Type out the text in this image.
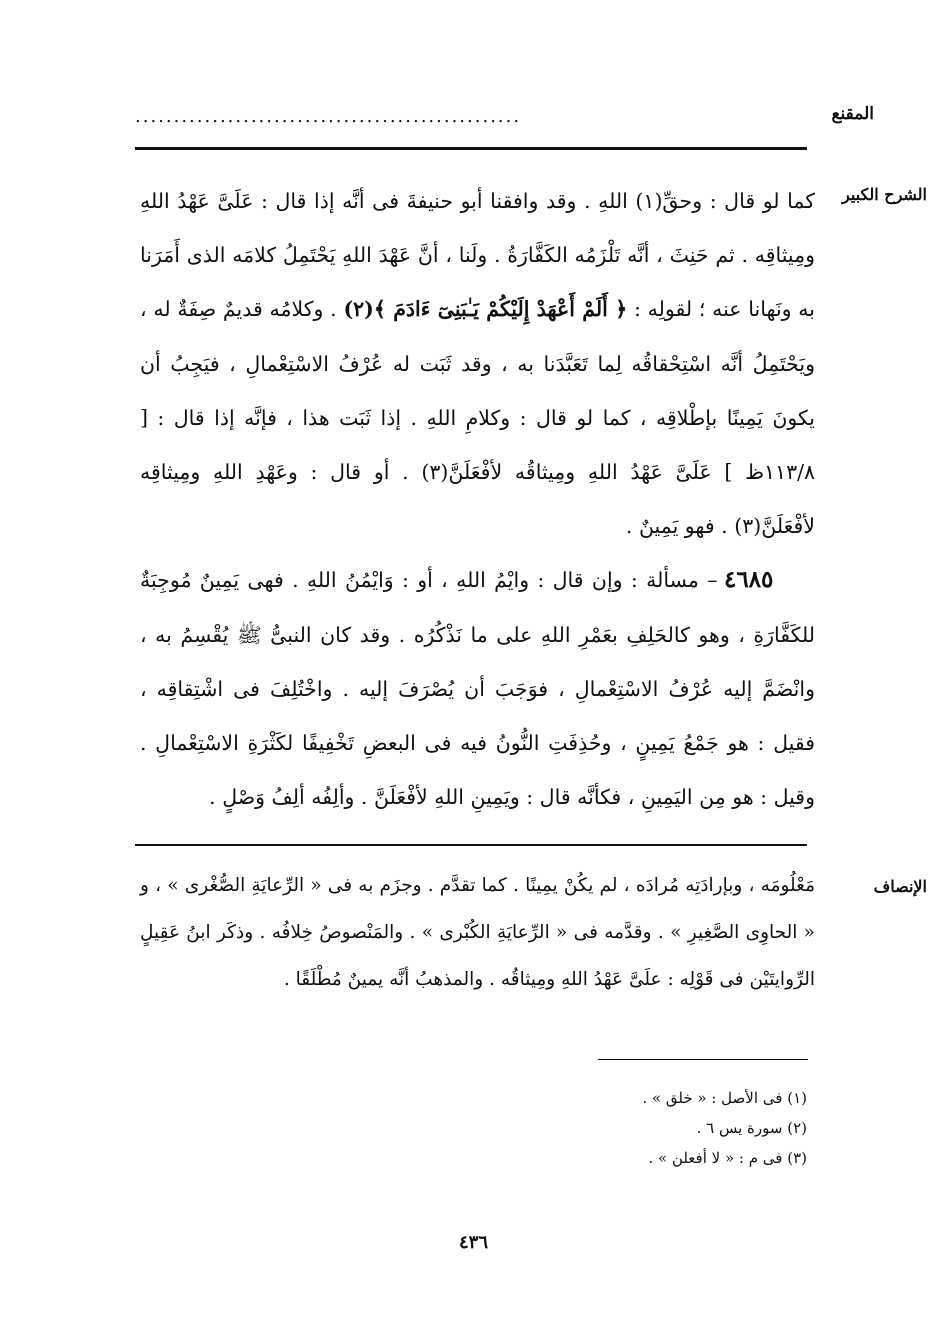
المقنع
..................................................
الشرح الكبير
الإنصاف

كما لو قال : وحقِّ(١) اللهِ . وقد وافقنا أبو حنيفةَ فى أنَّه إذا قال : عَلَىَّ عَهْدُ اللهِ ومِيثاقِه . ثم حَنِثَ ، أنَّه تَلْزَمُه الكَفَّارَةُ . ولَنا ، أنَّ عَهْدَ اللهِ يَحْتَمِلُ كلامَه الذى أَمَرَنا به ونَهانا عنه ؛ لقولِه : ﴿ أَلَمْ أَعْهَدْ إِلَيْكُمْ يَـٰبَنِىٓ ءَادَمَ ﴾(٢) . وكلامُه قديمٌ صِفَةٌ له ، ويَحْتَمِلُ أنَّه اسْتِحْقاقُه لِما تَعَبَّدَنا به ، وقد ثَبَت له عُرْفُ الاسْتِعْمالِ ، فيَجِبُ أن يكونَ يَمِينًا بإطْلاقِه ، كما لو قال : وكلامِ اللهِ . إذا ثَبَت هذا ، فإنَّه إذا قال : [ ١١٣/٨ظ ] عَلَىَّ عَهْدُ اللهِ ومِيثاقُه لأفْعَلَنَّ(٣) . أو قال : وعَهْدِ اللهِ ومِيثاقِه لأفْعَلَنَّ(٣) . فهو يَمِينٌ .

٤٦٨٥ – مسألة : وإن قال : وايْمُ اللهِ ، أو : وَايْمُنُ اللهِ . فهى يَمِينٌ مُوجِبَةٌ للكَفَّارَةِ ، وهو كالحَلِفِ بعَمْرِ اللهِ على ما نَذْكُرُه . وقد كان النبىُّ ﷺ يُقْسِمُ به ، وانْضَمَّ إليه عُرْفُ الاسْتِعْمالِ ، فوَجَبَ أن يُصْرَفَ إليه . واخْتُلِفَ فى اشْتِقاقِه ، فقيل : هو جَمْعُ يَمِينٍ ، وحُذِفَتِ النُّونُ فيه فى البعضِ تَخْفِيفًا لكَثْرَةِ الاسْتِعْمالِ . وقيل : هو مِن اليَمِينِ ، فكأنَّه قال : ويَمِينِ اللهِ لأفْعَلَنَّ . وألِفُه ألِفُ وَصْلٍ .

مَعْلُومَه ، وبإرادَتِه مُرادَه ، لم يكُنْ يمِينًا . كما تقدَّم . وجزَم به فى « الرِّعايَةِ الصُّغْرى » ، و « الحاوِى الصَّغِيرِ » . وقدَّمه فى « الرِّعايَةِ الكُبْرى » . والمَنْصوصُ خِلافُه . وذكَر ابنُ عَقِيلٍ الرِّوايتَيْن فى قَوْلِه : علَىَّ عَهْدُ اللهِ ومِيثاقُه . والمذهبُ أنَّه يمينٌ مُطْلَقًا .
(١) فى الأصل : « خلق » .
(٢) سورة يس ٦ .
(٣) فى م : « لا أفعلن » .
٤٣٦
